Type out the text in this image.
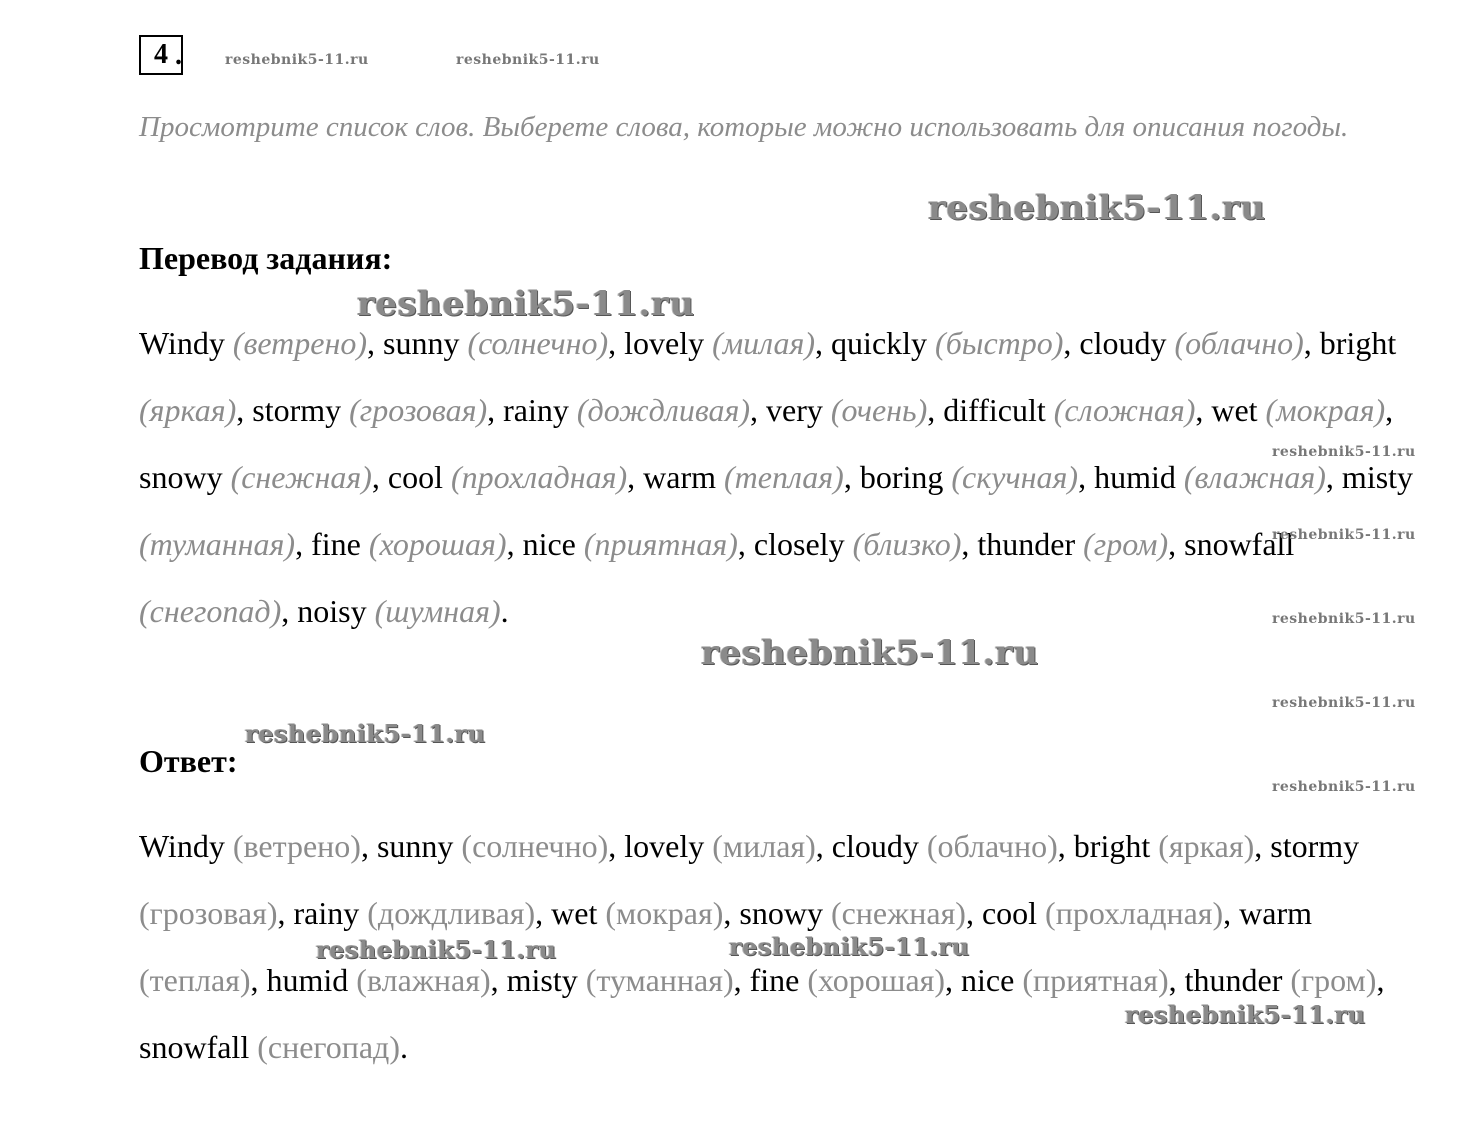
4 .	reshebnik5-11.ru	reshebnik5-11.ru
Просмотрите список слов. Выберете слова, которые можно использовать для описания погоды.
reshebnik5-11.ru
Перевод задания:
reshebnik5-11.ru
Windy (ветрено), sunny (солнечно), lovely (милая), quickly (быстро), cloudy (облачно), bright (яркая), stormy (грозовая), rainy (дождливая), very (очень), difficult (сложная), wet (мокрая), snowy (снежная), cool (прохладная), warm (теплая), boring (скучная), humid (влажная), misty (туманная), fine (хорошая), nice (приятная), closely (близко), thunder (гром), snowfall (снегопад), noisy (шумная).
reshebnik5-11.ru
reshebnik5-11.ru
reshebnik5-11.ru
reshebnik5-11.ru
reshebnik5-11.ru
reshebnik5-11.ru
Ответ:
reshebnik5-11.ru
Windy (ветрено), sunny (солнечно), lovely (милая), cloudy (облачно), bright (яркая), stormy (грозовая), rainy (дождливая), wet (мокрая), snowy (снежная), cool (прохладная), warm (теплая), humid (влажная), misty (туманная), fine (хорошая), nice (приятная), thunder (гром), snowfall (снегопад).
reshebnik5-11.ru	reshebnik5-11.ru
reshebnik5-11.ru
